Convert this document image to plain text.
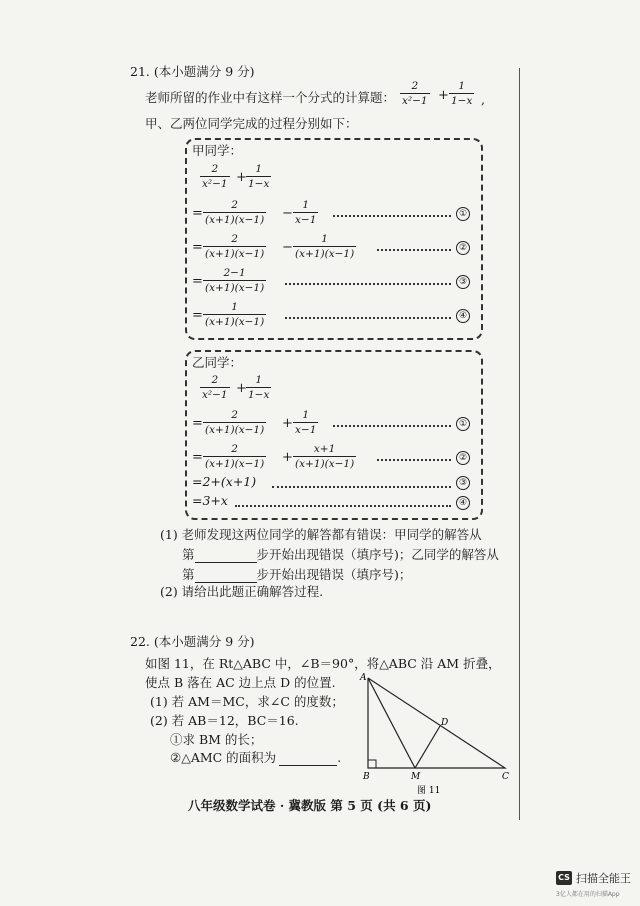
21. (本小题满分 9 分)
老师所留的作业中有这样一个分式的计算题：
2
x²−1 +
1
1−x ,
甲、乙两位同学完成的过程分别如下：
甲同学：
2
x²−1 +
1
1−x
=
2
(x+1)(x−1) −
1
x−1	①
=
2
(x+1)(x−1) −
1
(x+1)(x−1)	②
=
2−1
(x+1)(x−1)	③
=
1
(x+1)(x−1)	④
乙同学：
2
x²−1 +
1
1−x
=
2
(x+1)(x−1) +
1
x−1	①
=
2
(x+1)(x−1) +
x+1
(x+1)(x−1)	②
=2+(x+1)	③
=3+x	④
(1) 老师发现这两位同学的解答都有错误：甲同学的解答从
第	步开始出现错误（填序号)；乙同学的解答从
第	步开始出现错误（填序号)；
(2) 请给出此题正确解答过程.
22. (本小题满分 9 分)
如图 11，在 Rt△ABC 中，∠B＝90°，将△ABC 沿 AM 折叠，
使点 B 落在 AC 边上点 D 的位置.
(1) 若 AM＝MC，求∠C 的度数；
(2) 若 AB＝12，BC＝16.
①求 BM 的长；
②△AMC 的面积为	.
A
B	M	C
D
图 11
八年级数学试卷 · 冀教版 第 5 页 (共 6 页)
CS 扫描全能王
3亿人都在用的扫描App
